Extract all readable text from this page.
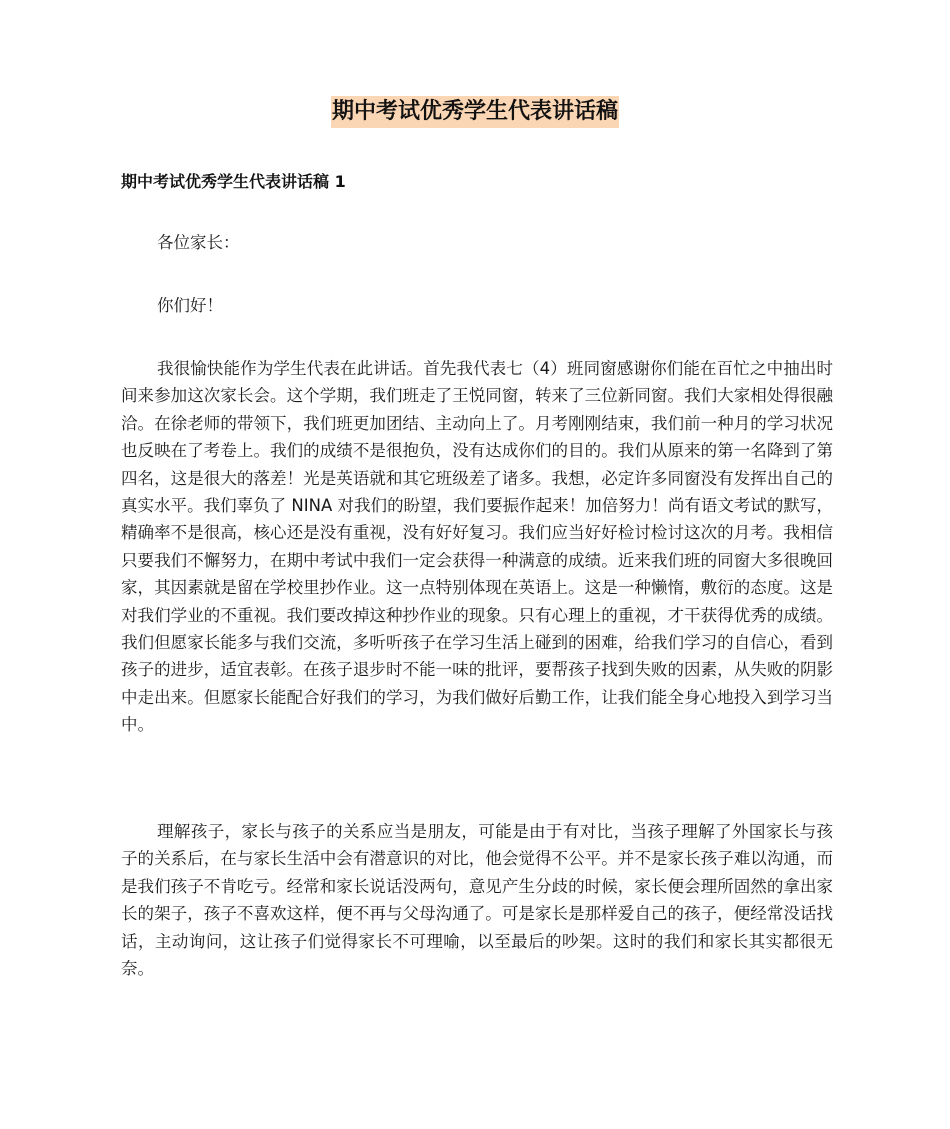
期中考试优秀学生代表讲话稿
期中考试优秀学生代表讲话稿 1

各位家长：

你们好！

我很愉快能作为学生代表在此讲话。首先我代表七（4）班同窗感谢你们能在百忙之中抽出时间来参加这次家长会。这个学期，我们班走了王悦同窗，转来了三位新同窗。我们大家相处得很融洽。在徐老师的带领下，我们班更加团结、主动向上了。月考刚刚结束，我们前一种月的学习状况也反映在了考卷上。我们的成绩不是很抱负，没有达成你们的目的。我们从原来的第一名降到了第四名，这是很大的落差！光是英语就和其它班级差了诸多。我想，必定许多同窗没有发挥出自己的真实水平。我们辜负了 NINA 对我们的盼望，我们要振作起来！加倍努力！尚有语文考试的默写，精确率不是很高，核心还是没有重视，没有好好复习。我们应当好好检讨检讨这次的月考。我相信只要我们不懈努力，在期中考试中我们一定会获得一种满意的成绩。近来我们班的同窗大多很晚回家，其因素就是留在学校里抄作业。这一点特别体现在英语上。这是一种懒惰，敷衍的态度。这是对我们学业的不重视。我们要改掉这种抄作业的现象。只有心理上的重视，才干获得优秀的成绩。我们但愿家长能多与我们交流，多听听孩子在学习生活上碰到的困难，给我们学习的自信心，看到孩子的进步，适宜表彰。在孩子退步时不能一味的批评，要帮孩子找到失败的因素，从失败的阴影中走出来。但愿家长能配合好我们的学习，为我们做好后勤工作，让我们能全身心地投入到学习当中。

理解孩子，家长与孩子的关系应当是朋友，可能是由于有对比，当孩子理解了外国家长与孩子的关系后，在与家长生活中会有潜意识的对比，他会觉得不公平。并不是家长孩子难以沟通，而是我们孩子不肯吃亏。经常和家长说话没两句，意见产生分歧的时候，家长便会理所固然的拿出家长的架子，孩子不喜欢这样，便不再与父母沟通了。可是家长是那样爱自己的孩子，便经常没话找话，主动询问，这让孩子们觉得家长不可理喻，以至最后的吵架。这时的我们和家长其实都很无奈。
